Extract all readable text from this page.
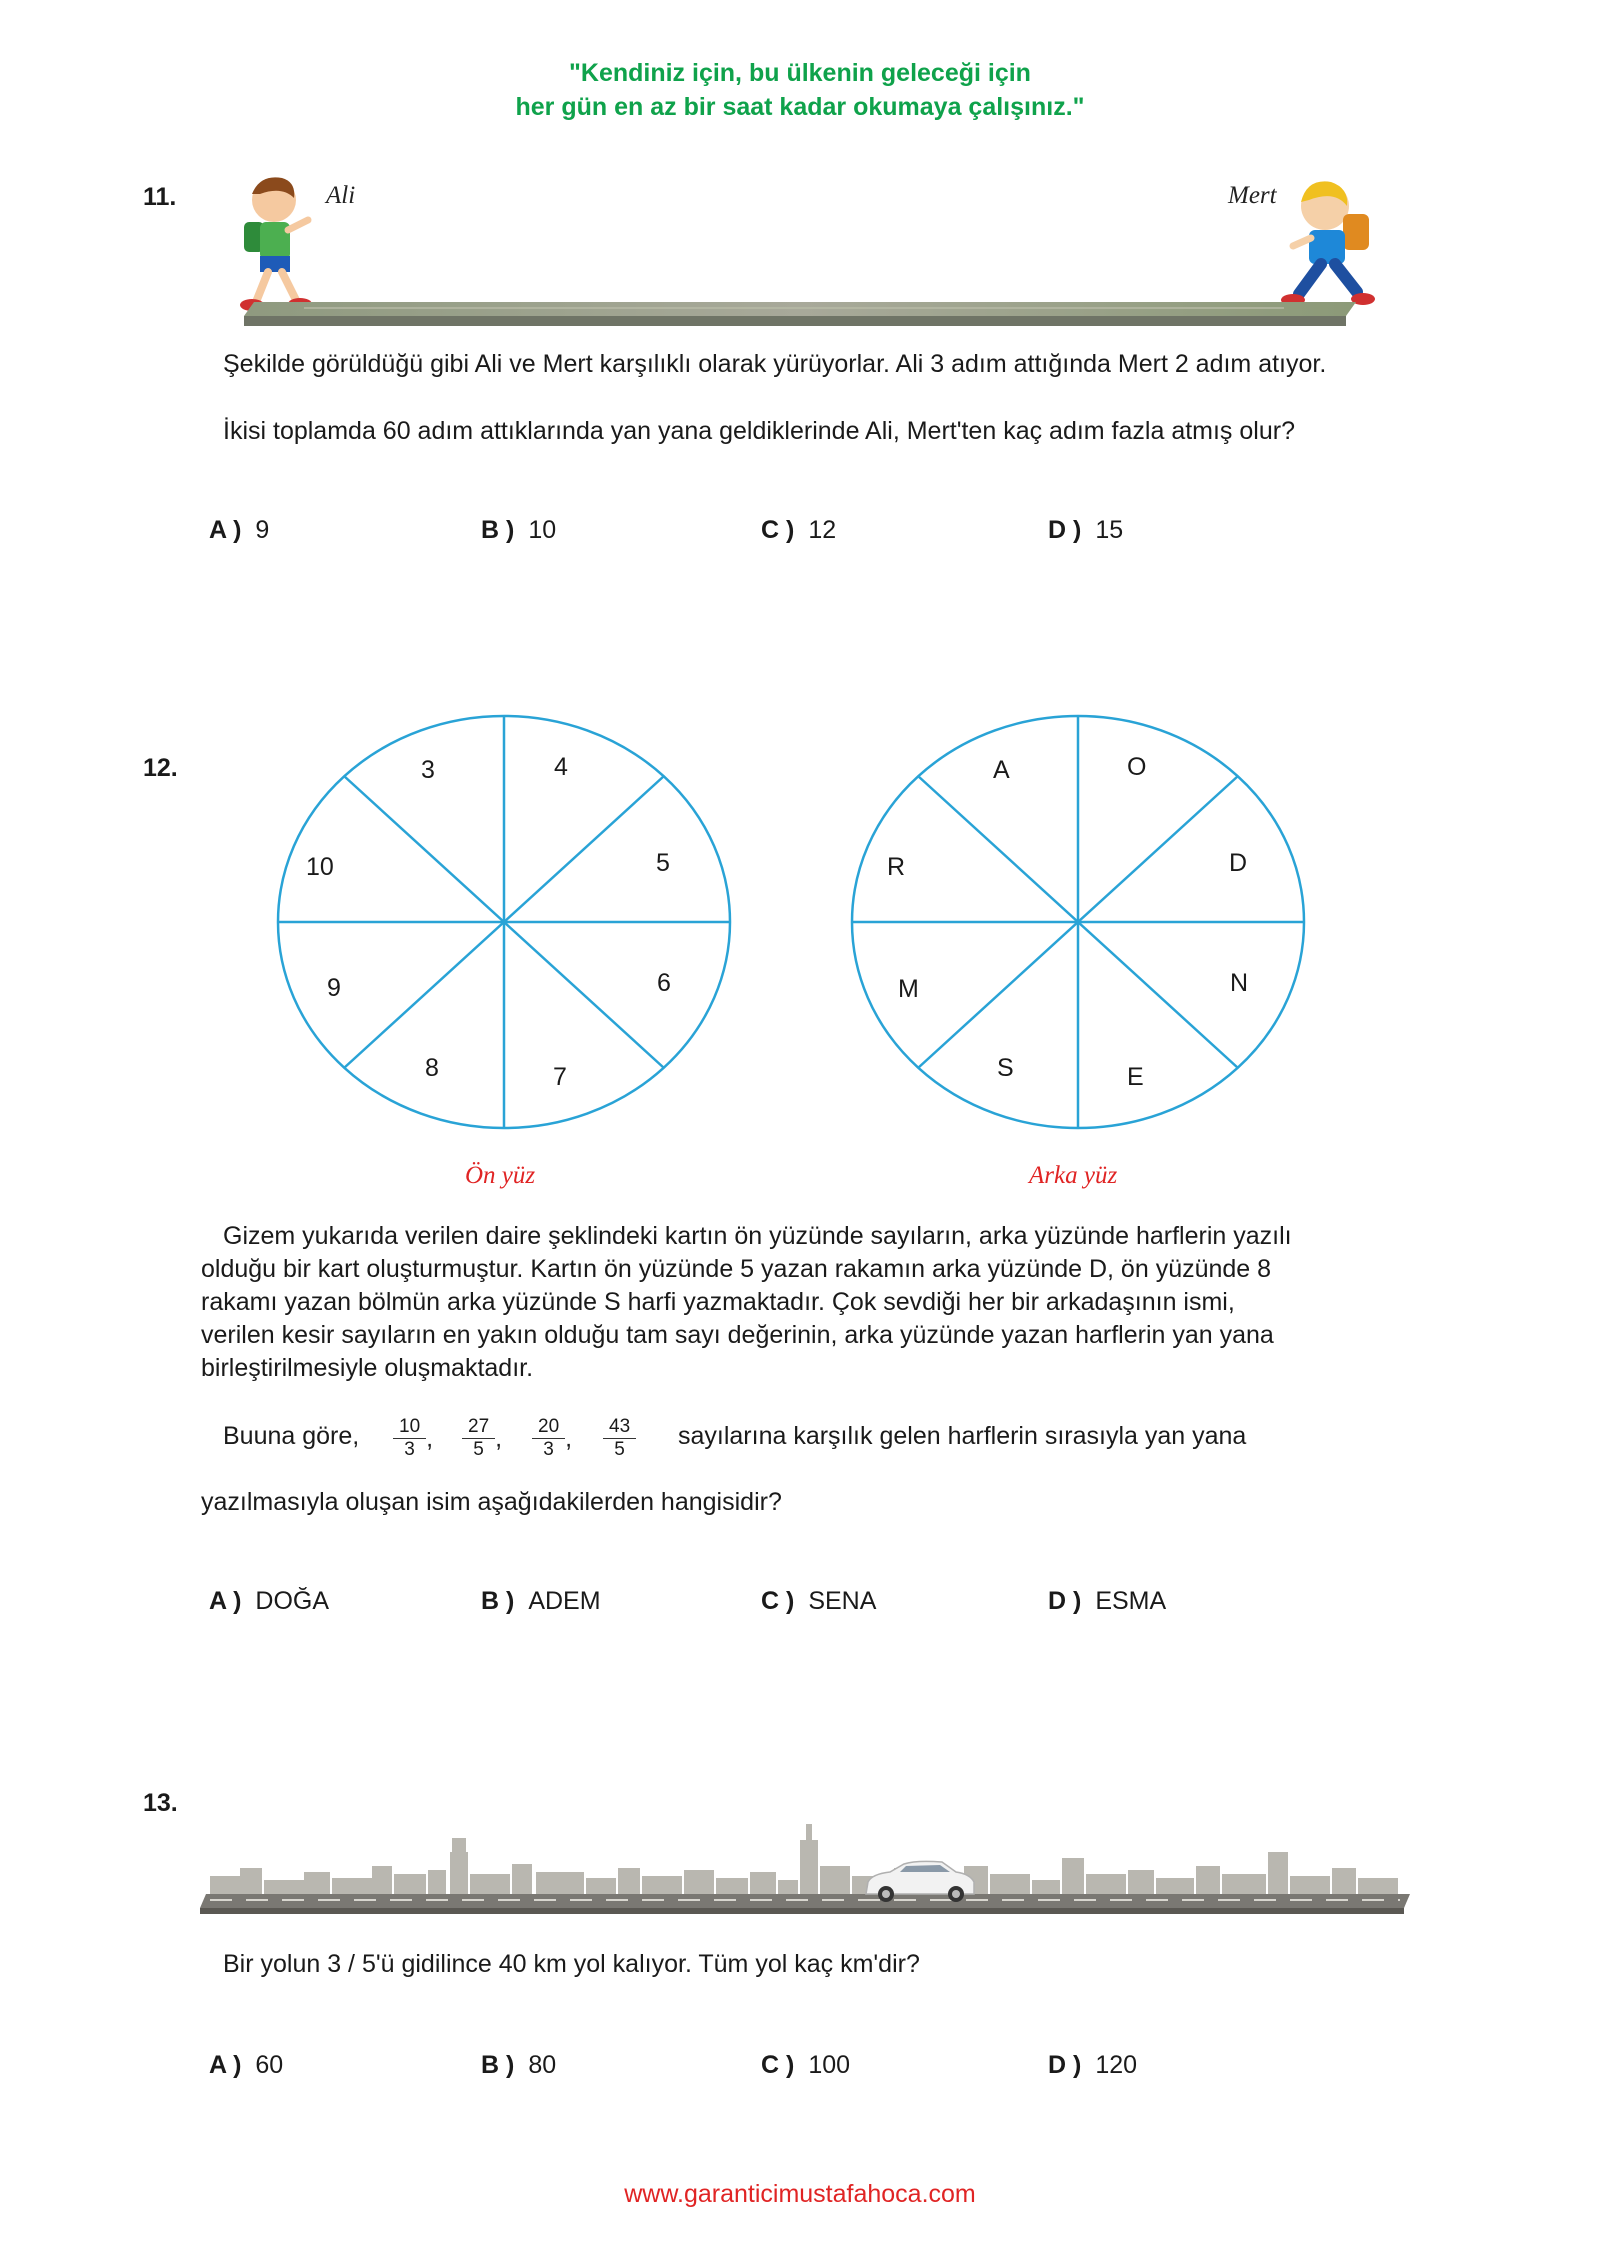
"Kendiniz için, bu ülkenin geleceği için
her gün en az bir saat kadar okumaya çalışınız."
11.	Ali	Mert
Şekilde görüldüğü gibi Ali ve Mert karşılıklı olarak yürüyorlar. Ali 3 adım attığında Mert 2 adım atıyor.
İkisi toplamda 60 adım attıklarında yan yana geldiklerinde Ali, Mert'ten kaç adım fazla atmış olur?
A ) 9	B ) 10	C ) 12	D ) 15
12.	3	4
5
6
7
8
9
10
Ön yüz
A	O
D
N
E
S
M
R
Arka yüz
Gizem yukarıda verilen daire şeklindeki kartın ön yüzünde sayıların, arka yüzünde harflerin yazılı
olduğu bir kart oluşturmuştur. Kartın ön yüzünde 5 yazan rakamın arka yüzünde D, ön yüzünde 8
rakamı yazan bölmün arka yüzünde S harfi yazmaktadır. Çok sevdiği her bir arkadaşının ismi,
verilen kesir sayıların en yakın olduğu tam sayı değerinin, arka yüzünde yazan harflerin yan yana
birleştirilmesiyle oluşmaktadır.
Buuna göre, $\frac{10}{3}$ , $\frac{27}{5}$ , $\frac{20}{3}$ , $\frac{43}{5}$ sayılarına karşılık gelen harflerin sırasıyla yan yana
yazılmasıyla oluşan isim aşağıdakilerden hangisidir?
A ) DOĞA	B ) ADEM	C ) SENA	D ) ESMA
13.
Bir yolun 3 / 5'ü gidilince 40 km yol kalıyor. Tüm yol kaç km'dir?
A ) 60	B ) 80	C ) 100	D ) 120
www.garanticimustafahoca.com
